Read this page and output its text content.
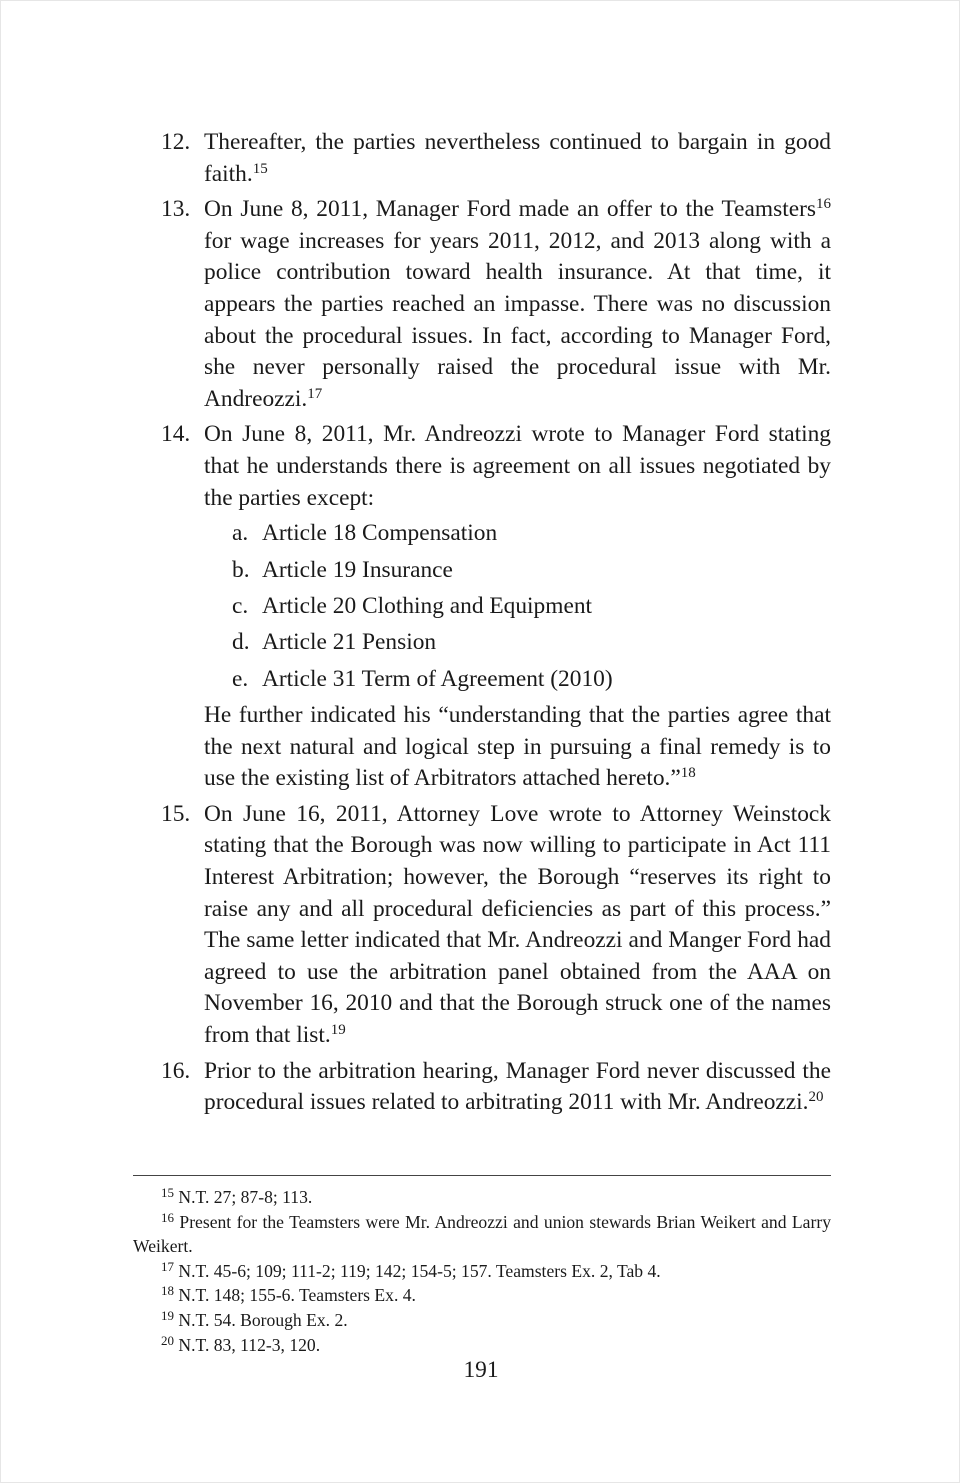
12. Thereafter, the parties nevertheless continued to bargain in good faith.$^{15}$

13. On June 8, 2011, Manager Ford made an offer to the Teamsters$^{16}$ for wage increases for years 2011, 2012, and 2013 along with a police contribution toward health insurance. At that time, it appears the parties reached an impasse. There was no discussion about the procedural issues. In fact, according to Manager Ford, she never personally raised the procedural issue with Mr. Andreozzi.$^{17}$

14. On June 8, 2011, Mr. Andreozzi wrote to Manager Ford stating that he understands there is agreement on all issues negotiated by the parties except:

a. Article 18 Compensation
b. Article 19 Insurance
c. Article 20 Clothing and Equipment
d. Article 21 Pension
e. Article 31 Term of Agreement (2010)

He further indicated his “understanding that the parties agree that the next natural and logical step in pursuing a final remedy is to use the existing list of Arbitrators attached hereto.”$^{18}$

15. On June 16, 2011, Attorney Love wrote to Attorney Weinstock stating that the Borough was now willing to participate in Act 111 Interest Arbitration; however, the Borough “reserves its right to raise any and all procedural deficiencies as part of this process.” The same letter indicated that Mr. Andreozzi and Manger Ford had agreed to use the arbitration panel obtained from the AAA on November 16, 2010 and that the Borough struck one of the names from that list.$^{19}$

16. Prior to the arbitration hearing, Manager Ford never discussed the procedural issues related to arbitrating 2011 with Mr. Andreozzi.$^{20}$

$^{15}$ N.T. 27; 87-8; 113.

$^{16}$ Present for the Teamsters were Mr. Andreozzi and union stewards Brian Weikert and Larry Weikert.

$^{17}$ N.T. 45-6; 109; 111-2; 119; 142; 154-5; 157. Teamsters Ex. 2, Tab 4.

$^{18}$ N.T. 148; 155-6. Teamsters Ex. 4.

$^{19}$ N.T. 54. Borough Ex. 2.

$^{20}$ N.T. 83, 112-3, 120.

191
